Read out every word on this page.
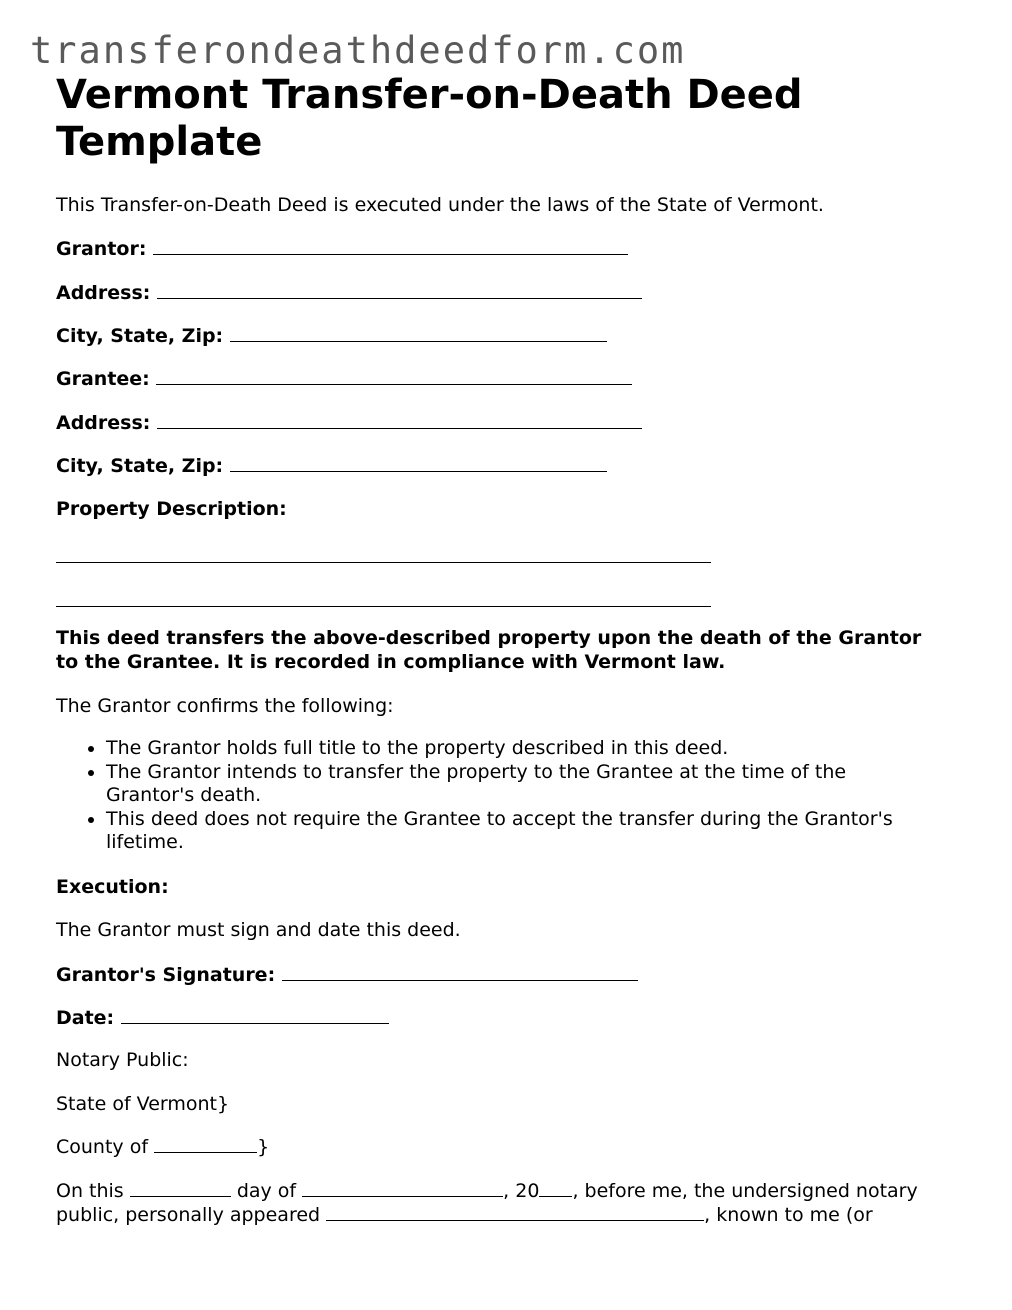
transferondeathdeedform.com
Vermont Transfer-on-Death Deed Template
This Transfer-on-Death Deed is executed under the laws of the State of Vermont.
Grantor:
Address:
City, State, Zip:
Grantee:
Address:
City, State, Zip:
Property Description:
This deed transfers the above-described property upon the death of the Grantor to the Grantee. It is recorded in compliance with Vermont law.
The Grantor confirms the following:
• The Grantor holds full title to the property described in this deed.
• The Grantor intends to transfer the property to the Grantee at the time of the Grantor's death.
• This deed does not require the Grantee to accept the transfer during the Grantor's lifetime.
Execution:
The Grantor must sign and date this deed.
Grantor's Signature:
Date:
Notary Public:
State of Vermont}
County of	}
On this	day of	, 20 , before me, the undersigned notary
public, personally appeared	, known to me (or
